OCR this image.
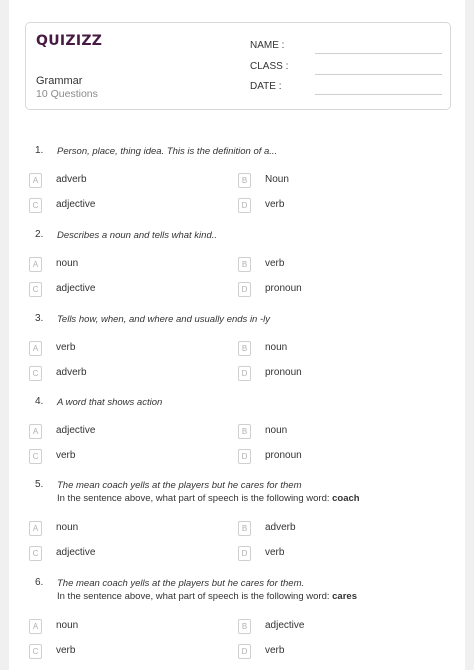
QUIZIZZ
Grammar
10 Questions
NAME :
CLASS :
DATE :
1. Person, place, thing idea. This is the definition of a...
A	adverb	B	Noun
C	adjective	D	verb
2. Describes a noun and tells what kind..
A	noun	B	verb
C	adjective	D	pronoun
3. Tells how, when, and where and usually ends in -ly
A	verb	B	noun
C	adverb	D	pronoun
4. A word that shows action
A	adjective	B	noun
C	verb	D	pronoun
5. The mean coach yells at the players but he cares for them
In the sentence above, what part of speech is the following word: coach
A	noun	B	adverb
C	adjective	D	verb
6. The mean coach yells at the players but he cares for them.
In the sentence above, what part of speech is the following word: cares
A	noun	B	adjective
C	verb	D	verb
